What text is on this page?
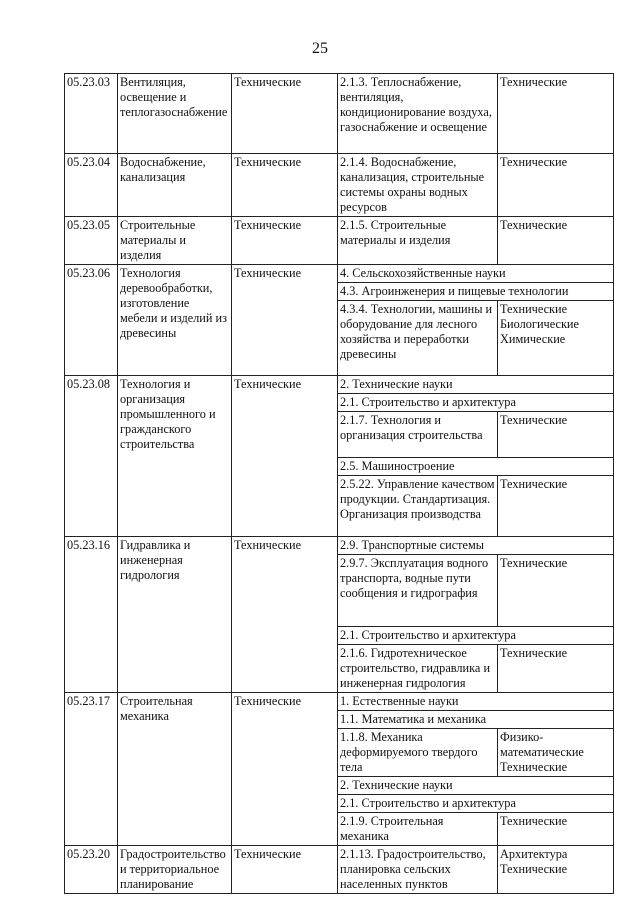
25
05.23.03	Вентиляция, освещение и теплогазоснабжение	Технические	2.1.3. Теплоснабжение, вентиляция, кондиционирование воздуха, газоснабжение и освещение	Технические
05.23.04	Водоснабжение, канализация	Технические	2.1.4. Водоснабжение, канализация, строительные системы охраны водных ресурсов	Технические
05.23.05	Строительные материалы и изделия	Технические	2.1.5. Строительные материалы и изделия	Технические
05.23.06	Технология деревообработки, изготовление мебели и изделий из древесины	Технические	4. Сельскохозяйственные науки	
			4.3. Агроинженерия и пищевые технологии	
			4.3.4. Технологии, машины и оборудование для лесного хозяйства и переработки древесины	Технические Биологические Химические
05.23.08	Технология и организация промышленного и гражданского строительства	Технические	2. Технические науки	
			2.1. Строительство и архитектура	
			2.1.7. Технология и организация строительства	Технические
			2.5. Машиностроение	
			2.5.22. Управление качеством продукции. Стандартизация. Организация производства	Технические
05.23.16	Гидравлика и инженерная гидрология	Технические	2.9. Транспортные системы	
			2.9.7. Эксплуатация водного транспорта, водные пути сообщения и гидрография	Технические
			2.1. Строительство и архитектура	
			2.1.6. Гидротехническое строительство, гидравлика и инженерная гидрология	Технические
05.23.17	Строительная механика	Технические	1. Естественные науки	
			1.1. Математика и механика	
			1.1.8. Механика деформируемого твердого тела	Физико-математические Технические
			2. Технические науки	
			2.1. Строительство и архитектура	
			2.1.9. Строительная механика	Технические
05.23.20	Градостроительство и территориальное планирование	Технические	2.1.13. Градостроительство, планировка сельских населенных пунктов	Архитектура Технические
